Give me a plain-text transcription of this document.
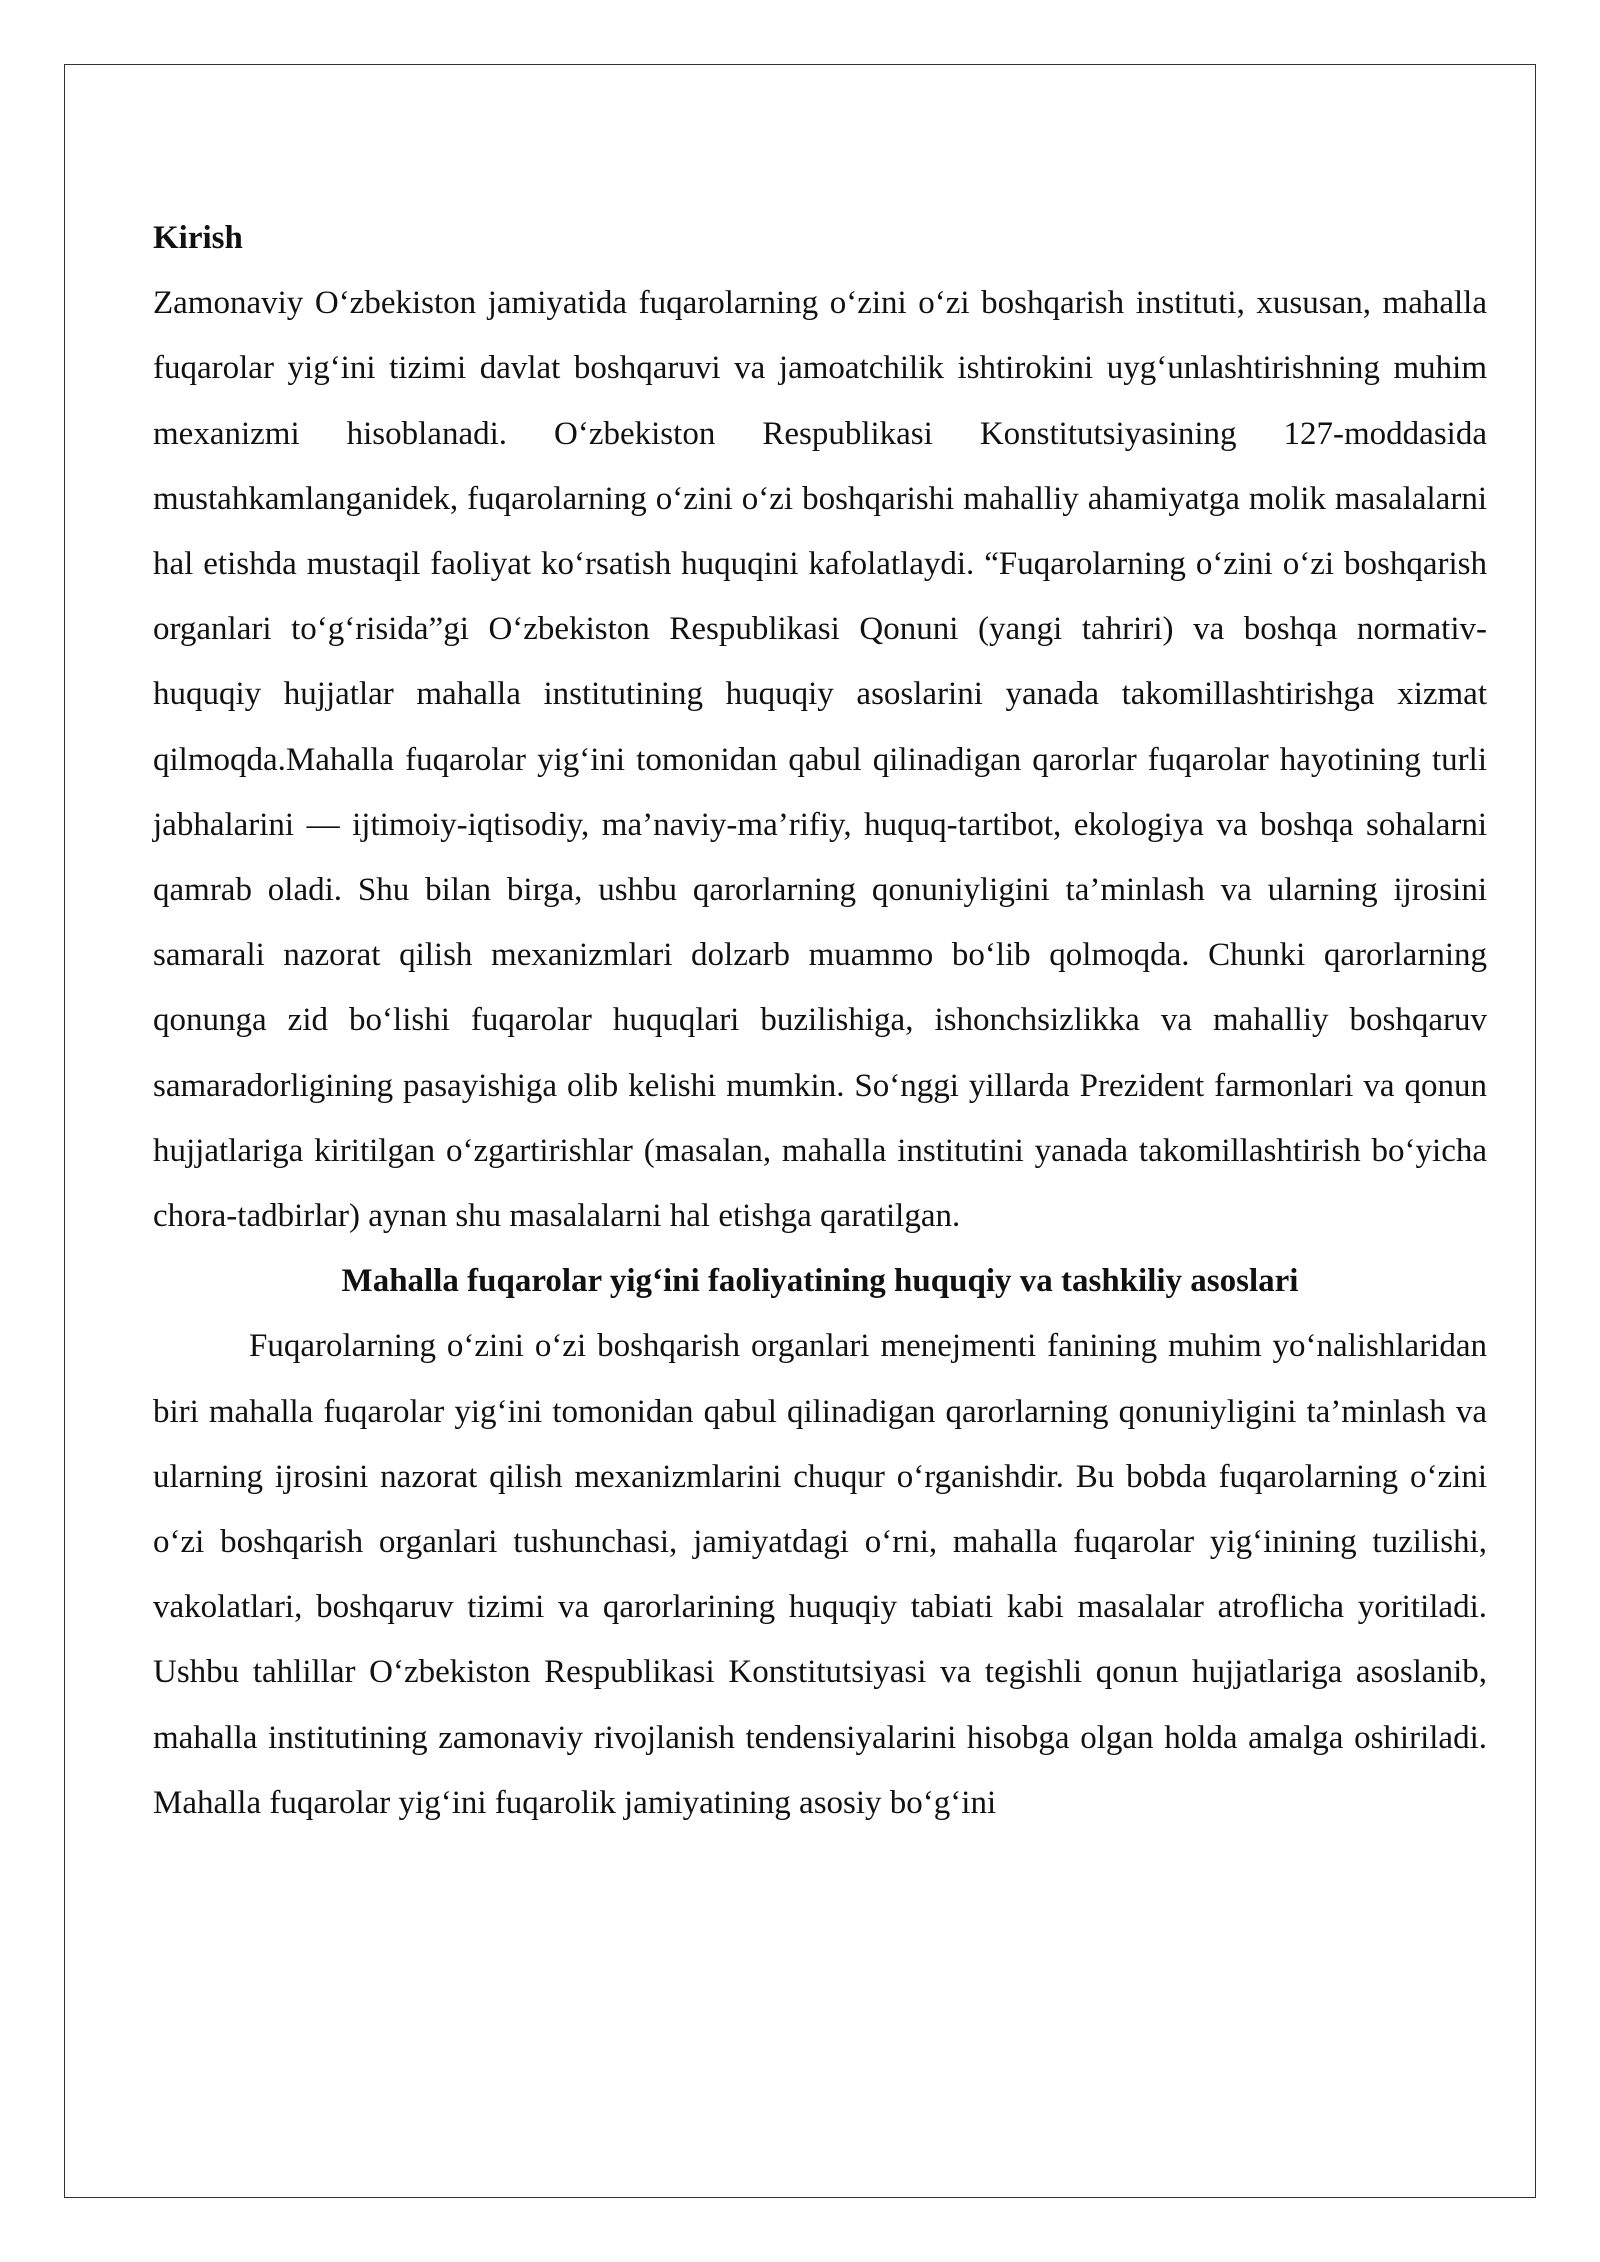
Kirish

Zamonaviy O‘zbekiston jamiyatida fuqarolarning o‘zini o‘zi boshqarish instituti, xususan, mahalla fuqarolar yig‘ini tizimi davlat boshqaruvi va jamoatchilik ishtirokini uyg‘unlashtirishning muhim mexanizmi hisoblanadi. O‘zbekiston Respublikasi Konstitutsiyasining 127-moddasida mustahkamlanganidek, fuqarolarning o‘zini o‘zi boshqarishi mahalliy ahamiyatga molik masalalarni hal etishda mustaqil faoliyat ko‘rsatish huquqini kafolatlaydi. “Fuqarolarning o‘zini o‘zi boshqarish organlari to‘g‘risida”gi O‘zbekiston Respublikasi Qonuni (yangi tahriri) va boshqa normativ-huquqiy hujjatlar mahalla institutining huquqiy asoslarini yanada takomillashtirishga xizmat qilmoqda.Mahalla fuqarolar yig‘ini tomonidan qabul qilinadigan qarorlar fuqarolar hayotining turli jabhalarini — ijtimoiy-iqtisodiy, ma’naviy-ma’rifiy, huquq-tartibot, ekologiya va boshqa sohalarni qamrab oladi. Shu bilan birga, ushbu qarorlarning qonuniyligini ta’minlash va ularning ijrosini samarali nazorat qilish mexanizmlari dolzarb muammo bo‘lib qolmoqda. Chunki qarorlarning qonunga zid bo‘lishi fuqarolar huquqlari buzilishiga, ishonchsizlikka va mahalliy boshqaruv samaradorligining pasayishiga olib kelishi mumkin. So‘nggi yillarda Prezident farmonlari va qonun hujjatlariga kiritilgan o‘zgartirishlar (masalan, mahalla institutini yanada takomillashtirish bo‘yicha chora-tadbirlar) aynan shu masalalarni hal etishga qaratilgan.

Mahalla fuqarolar yig‘ini faoliyatining huquqiy va tashkiliy asoslari

Fuqarolarning o‘zini o‘zi boshqarish organlari menejmenti fanining muhim yo‘nalishlaridan biri mahalla fuqarolar yig‘ini tomonidan qabul qilinadigan qarorlarning qonuniyligini ta’minlash va ularning ijrosini nazorat qilish mexanizmlarini chuqur o‘rganishdir. Bu bobda fuqarolarning o‘zini o‘zi boshqarish organlari tushunchasi, jamiyatdagi o‘rni, mahalla fuqarolar yig‘inining tuzilishi, vakolatlari, boshqaruv tizimi va qarorlarining huquqiy tabiati kabi masalalar atroflicha yoritiladi. Ushbu tahlillar O‘zbekiston Respublikasi Konstitutsiyasi va tegishli qonun hujjatlariga asoslanib, mahalla institutining zamonaviy rivojlanish tendensiyalarini hisobga olgan holda amalga oshiriladi. Mahalla fuqarolar yig‘ini fuqarolik jamiyatining asosiy bo‘g‘ini
